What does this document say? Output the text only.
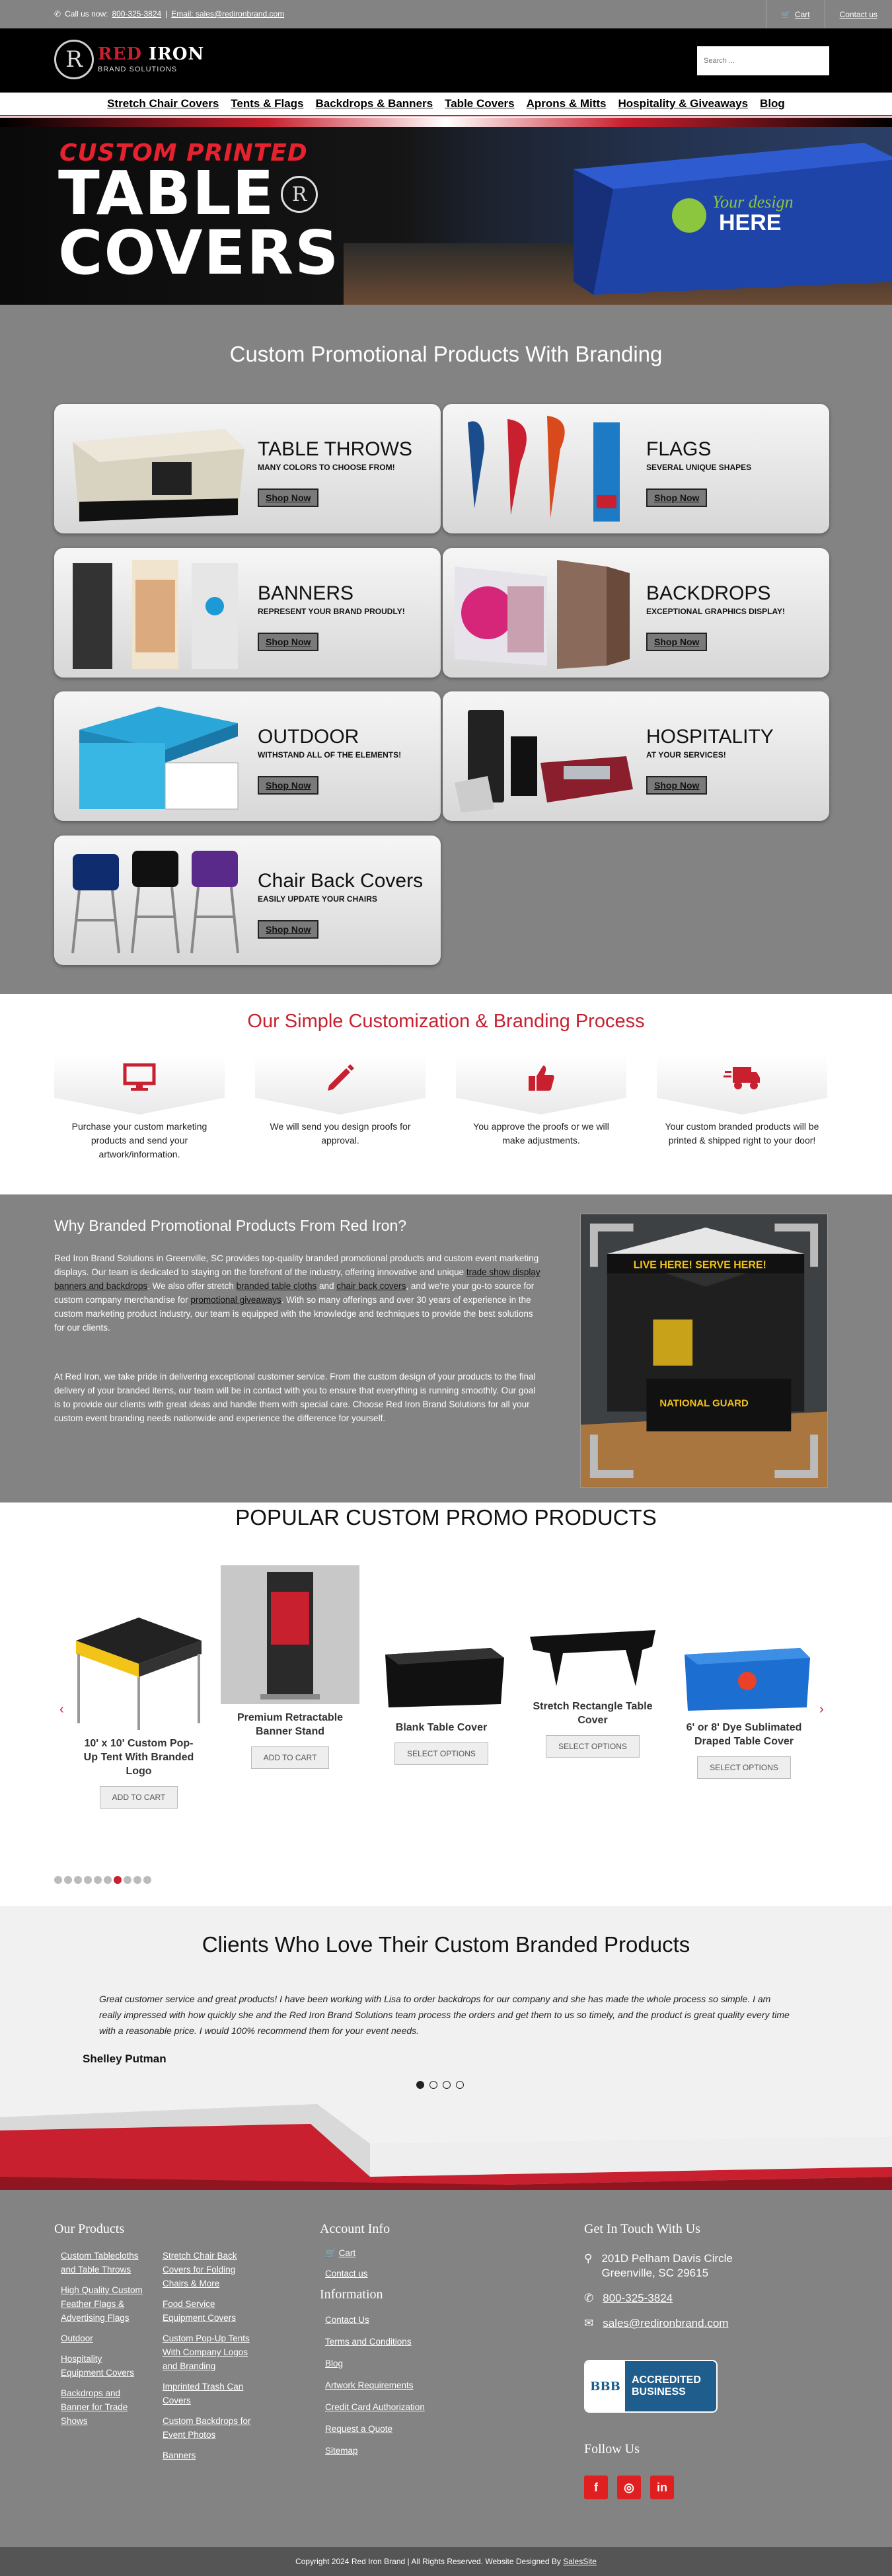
✆ Call us now: 800-325-3824 | Email: sales@redironbrand.com	🛒 Cart	Contact us
R RED IRON
BRAND SOLUTIONS
Search ...
Stretch Chair Covers Tents & Flags Backdrops & Banners Table Covers Aprons & Mitts Hospitality & Giveaways Blog
CUSTOM PRINTED
TABLE
COVERS
R	Your design
HERE
Custom Promotional Products With Branding
TABLE THROWS
MANY COLORS TO CHOOSE FROM!
Shop Now
FLAGS
SEVERAL UNIQUE SHAPES
Shop Now
BANNERS
REPRESENT YOUR BRAND PROUDLY!
Shop Now
BACKDROPS
EXCEPTIONAL GRAPHICS DISPLAY!
Shop Now
OUTDOOR
WITHSTAND ALL OF THE ELEMENTS!
Shop Now
HOSPITALITY
AT YOUR SERVICES!
Shop Now
Chair Back Covers
EASILY UPDATE YOUR CHAIRS
Shop Now
Our Simple Customization & Branding Process

Purchase your custom marketing products and send your artwork/information.

We will send you design proofs for approval.

You approve the proofs or we will make adjustments.

Your custom branded products will be printed & shipped right to your door!

Why Branded Promotional Products From Red Iron?

Red Iron Brand Solutions in Greenville, SC provides top-quality branded promotional products and custom event marketing displays. Our team is dedicated to staying on the forefront of the industry, offering innovative and unique trade show display banners and backdrops. We also offer stretch branded table cloths and chair back covers, and we're your go-to source for custom company merchandise for promotional giveaways. With so many offerings and over 30 years of experience in the custom marketing product industry, our team is equipped with the knowledge and techniques to provide the best solutions for our clients.

At Red Iron, we take pride in delivering exceptional customer service. From the custom design of your products to the final delivery of your branded items, our team will be in contact with you to ensure that everything is running smoothly. Our goal is to provide our clients with great ideas and handle them with special care. Choose Red Iron Brand Solutions for all your custom event branding needs nationwide and experience the difference for yourself.

LIVE HERE! SERVE HERE!
NATIONAL GUARD
POPULAR CUSTOM PROMO PRODUCTS
‹	›
10' x 10' Custom Pop-Up Tent With Branded Logo
ADD TO CART
Premium Retractable Banner Stand
ADD TO CART
Blank Table Cover
SELECT OPTIONS
Stretch Rectangle Table Cover
SELECT OPTIONS
6' or 8' Dye Sublimated Draped Table Cover
SELECT OPTIONS
Clients Who Love Their Custom Branded Products

Great customer service and great products! I have been working with Lisa to order backdrops for our company and she has made the whole process so simple. I am really impressed with how quickly she and the Red Iron Brand Solutions team process the orders and get them to us so timely, and the product is great quality every time with a reasonable price. I would 100% recommend them for your event needs.

Shelley Putman
Our Products
Custom Tablecloths and Table Throws
High Quality Custom Feather Flags & Advertising Flags
Outdoor
Hospitality Equipment Covers
Backdrops and Banner for Trade Shows
Stretch Chair Back Covers for Folding Chairs & More
Food Service Equipment Covers
Custom Pop-Up Tents With Company Logos and Branding
Imprinted Trash Can Covers
Custom Backdrops for Event Photos
Banners
Account Info
🛒 Cart
Contact us
Information
Contact Us
Terms and Conditions
Blog
Artwork Requirements
Credit Card Authorization
Request a Quote
Sitemap
Get In Touch With Us
⚲ 201D Pelham Davis Circle
Greenville, SC 29615
✆ 800-325-3824
✉ sales@redironbrand.com
BBB	ACCREDITED
BUSINESS
Follow Us
f	◎	in
Copyright 2024 Red Iron Brand | All Rights Reserved. Website Designed By SalesSite
